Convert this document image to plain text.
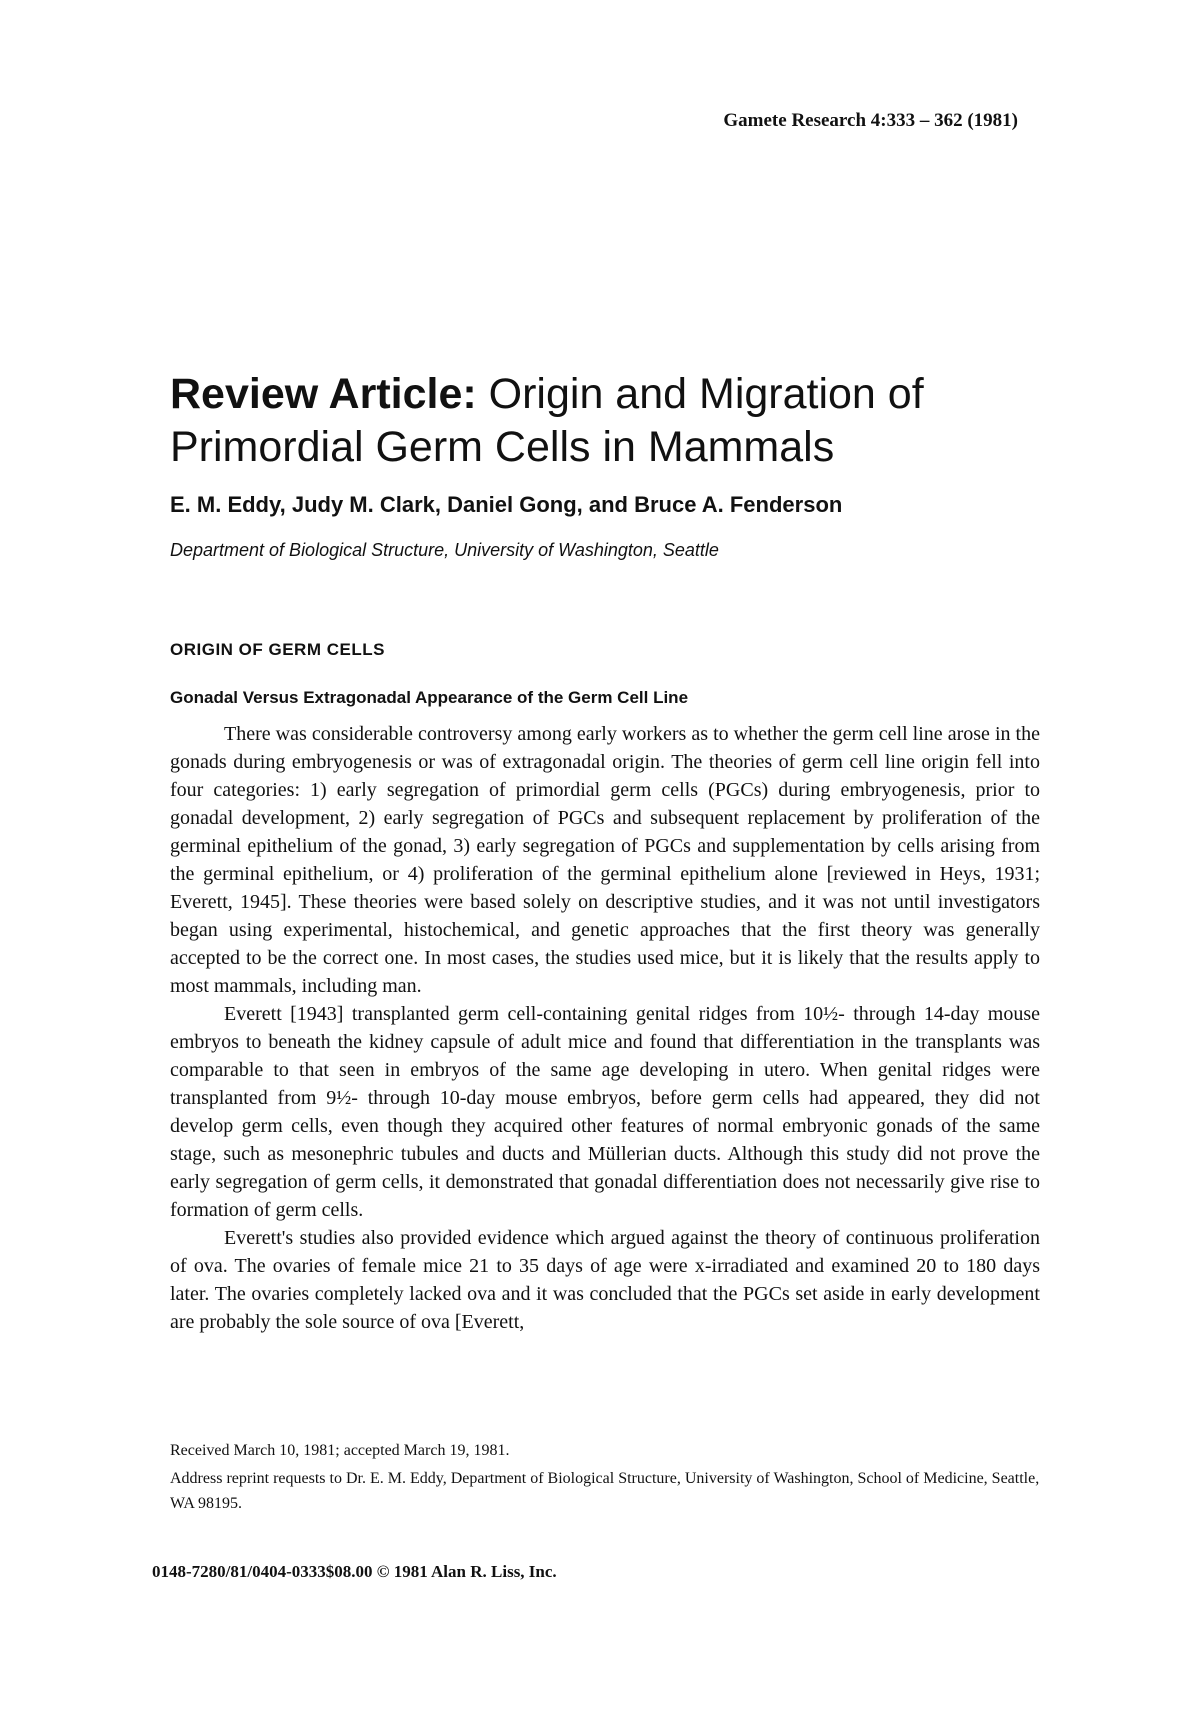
Gamete Research 4:333 – 362 (1981)
Review Article: Origin and Migration of Primordial Germ Cells in Mammals
E. M. Eddy, Judy M. Clark, Daniel Gong, and Bruce A. Fenderson
Department of Biological Structure, University of Washington, Seattle
ORIGIN OF GERM CELLS
Gonadal Versus Extragonadal Appearance of the Germ Cell Line

There was considerable controversy among early workers as to whether the germ cell line arose in the gonads during embryogenesis or was of extragonadal origin. The theories of germ cell line origin fell into four categories: 1) early segregation of primordial germ cells (PGCs) during embryogenesis, prior to gonadal development, 2) early segregation of PGCs and subsequent replacement by proliferation of the germinal epithelium of the gonad, 3) early segregation of PGCs and supplementation by cells arising from the germinal epithelium, or 4) proliferation of the germinal epithelium alone [reviewed in Heys, 1931; Everett, 1945]. These theories were based solely on descriptive studies, and it was not until investigators began using experimental, histochemical, and genetic approaches that the first theory was generally accepted to be the correct one. In most cases, the studies used mice, but it is likely that the results apply to most mammals, including man.

Everett [1943] transplanted germ cell-containing genital ridges from 10½- through 14-day mouse embryos to beneath the kidney capsule of adult mice and found that differentiation in the transplants was comparable to that seen in embryos of the same age developing in utero. When genital ridges were transplanted from 9½- through 10-day mouse embryos, before germ cells had appeared, they did not develop germ cells, even though they acquired other features of normal embryonic gonads of the same stage, such as mesonephric tubules and ducts and Müllerian ducts. Although this study did not prove the early segregation of germ cells, it demonstrated that gonadal differentiation does not necessarily give rise to formation of germ cells.

Everett's studies also provided evidence which argued against the theory of continuous proliferation of ova. The ovaries of female mice 21 to 35 days of age were x-irradiated and examined 20 to 180 days later. The ovaries completely lacked ova and it was concluded that the PGCs set aside in early development are probably the sole source of ova [Everett,

Received March 10, 1981; accepted March 19, 1981.

Address reprint requests to Dr. E. M. Eddy, Department of Biological Structure, University of Washington, School of Medicine, Seattle, WA 98195.

0148-7280/81/0404-0333$08.00 © 1981 Alan R. Liss, Inc.
